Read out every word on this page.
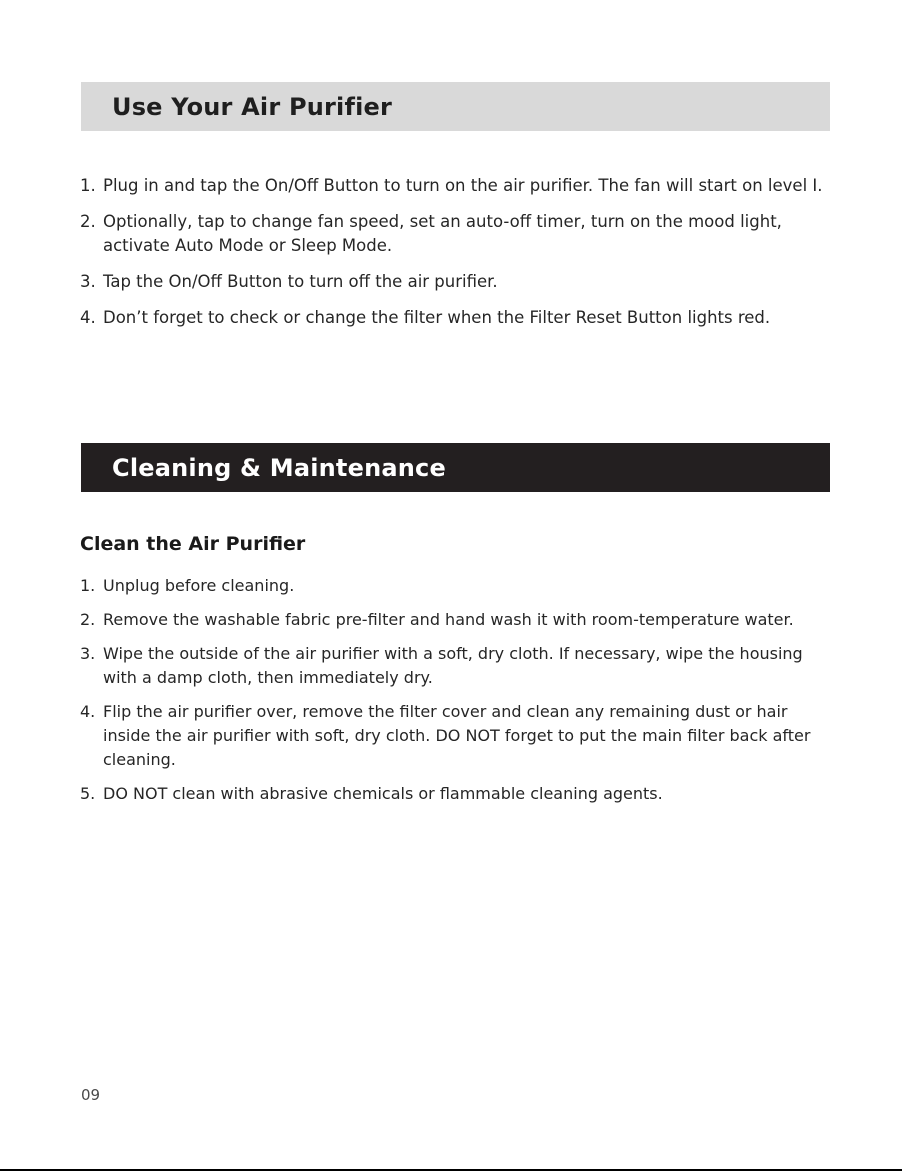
Use Your Air Purifier
1. Plug in and tap the On/Off Button to turn on the air purifier. The fan will start on level I.
2. Optionally, tap to change fan speed, set an auto-off timer, turn on the mood light, activate Auto Mode or Sleep Mode.
3. Tap the On/Off Button to turn off the air purifier.
4. Don’t forget to check or change the filter when the Filter Reset Button lights red.
Cleaning & Maintenance
Clean the Air Purifier
1. Unplug before cleaning.
2. Remove the washable fabric pre-filter and hand wash it with room-temperature water.
3. Wipe the outside of the air purifier with a soft, dry cloth. If necessary, wipe the housing with a damp cloth, then immediately dry.
4. Flip the air purifier over, remove the filter cover and clean any remaining dust or hair inside the air purifier with soft, dry cloth. DO NOT forget to put the main filter back after cleaning.
5. DO NOT clean with abrasive chemicals or flammable cleaning agents.
09
